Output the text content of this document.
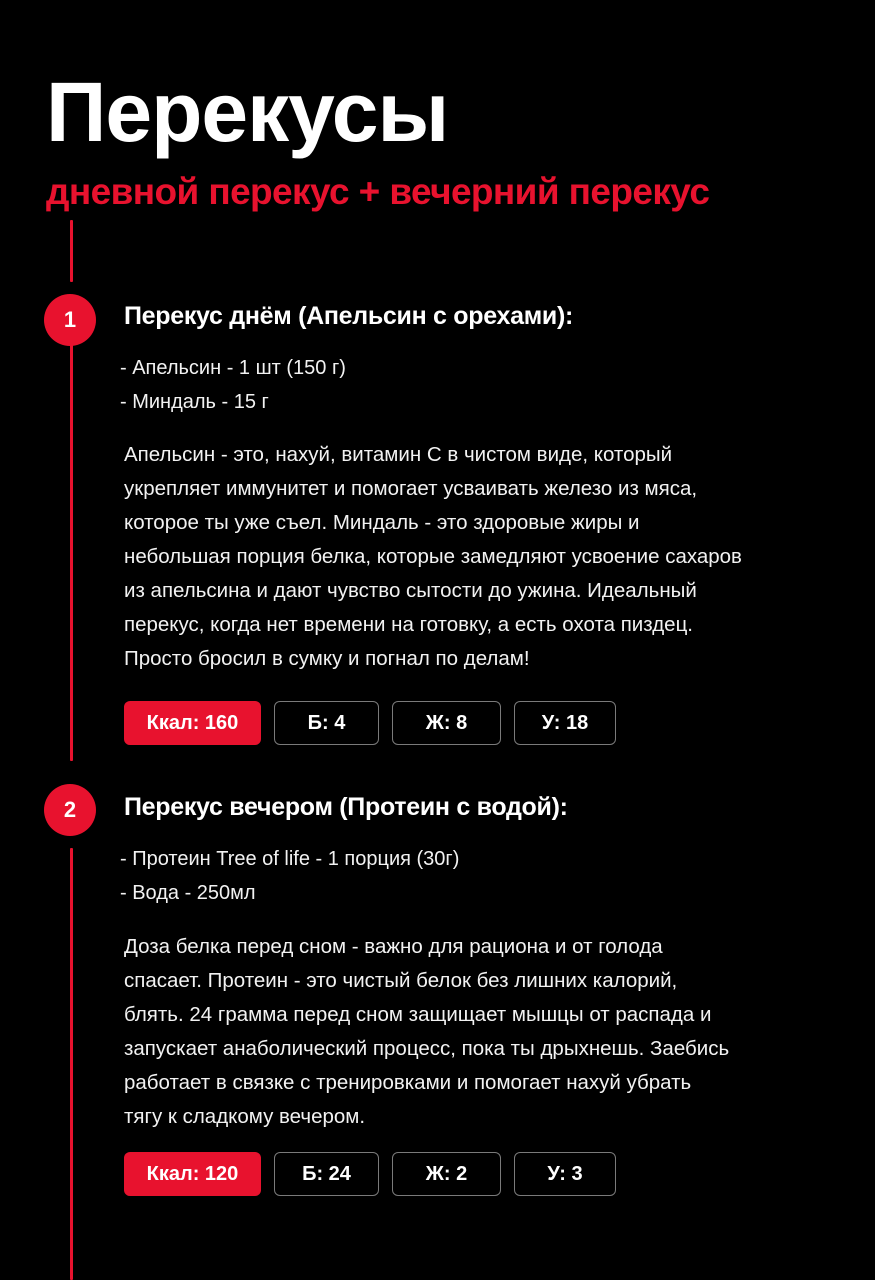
Перекусы
дневной перекус + вечерний перекус
1	Перекус днём (Апельсин с орехами):
- Апельсин - 1 шт (150 г)
- Миндаль - 15 г

Апельсин - это, нахуй, витамин С в чистом виде, который
укрепляет иммунитет и помогает усваивать железо из мяса,
которое ты уже съел. Миндаль - это здоровые жиры и
небольшая порция белка, которые замедляют усвоение сахаров
из апельсина и дают чувство сытости до ужина. Идеальный
перекус, когда нет времени на готовку, а есть охота пиздец.
Просто бросил в сумку и погнал по делам!

Ккал: 160	Б: 4	Ж: 8	У: 18
2	Перекус вечером (Протеин с водой):
- Протеин Tree of life - 1 порция (30г)
- Вода - 250мл

Доза белка перед сном - важно для рациона и от голода
спасает. Протеин - это чистый белок без лишних калорий,
блять. 24 грамма перед сном защищает мышцы от распада и
запускает анаболический процесс, пока ты дрыхнешь. Заебись
работает в связке с тренировками и помогает нахуй убрать
тягу к сладкому вечером.

Ккал: 120	Б: 24	Ж: 2	У: 3
